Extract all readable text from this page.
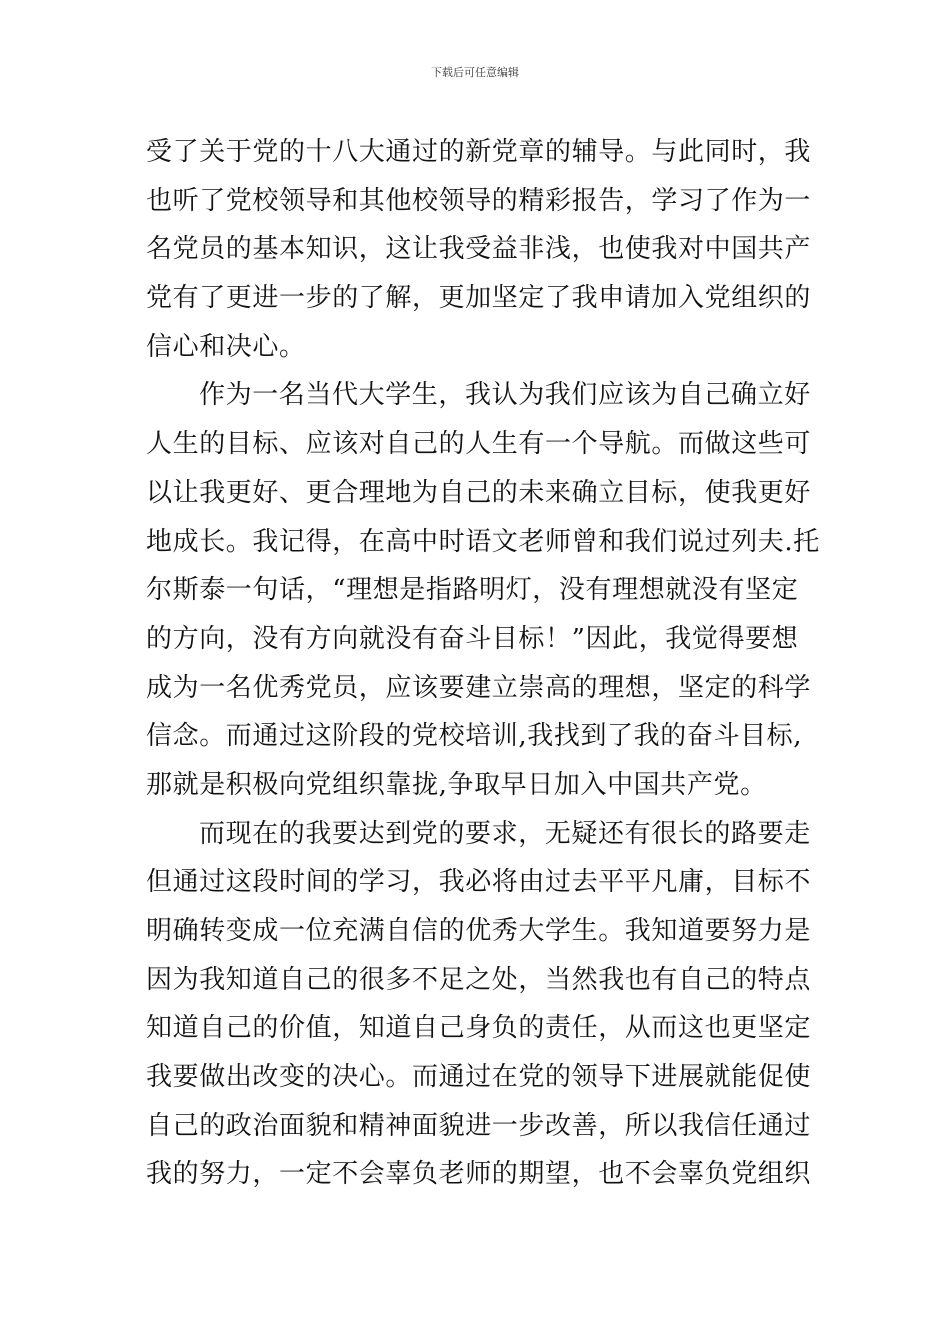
下载后可任意编辑
受了关于党的十八大通过的新党章的辅导。与此同时，我
也听了党校领导和其他校领导的精彩报告，学习了作为一
名党员的基本知识，这让我受益非浅，也使我对中国共产
党有了更进一步的了解，更加坚定了我申请加入党组织的
信心和决心。
作为一名当代大学生，我认为我们应该为自己确立好
人生的目标、应该对自己的人生有一个导航。而做这些可
以让我更好、更合理地为自己的未来确立目标，使我更好
地成长。我记得，在高中时语文老师曾和我们说过列夫.托
尔斯泰一句话，“理想是指路明灯，没有理想就没有坚定
的方向，没有方向就没有奋斗目标！”因此，我觉得要想
成为一名优秀党员，应该要建立崇高的理想，坚定的科学
信念。而通过这阶段的党校培训,我找到了我的奋斗目标,
那就是积极向党组织靠拢,争取早日加入中国共产党。
而现在的我要达到党的要求，无疑还有很长的路要走
但通过这段时间的学习，我必将由过去平平凡庸，目标不
明确转变成一位充满自信的优秀大学生。我知道要努力是
因为我知道自己的很多不足之处，当然我也有自己的特点
知道自己的价值，知道自己身负的责任，从而这也更坚定
我要做出改变的决心。而通过在党的领导下进展就能促使
自己的政治面貌和精神面貌进一步改善，所以我信任通过
我的努力，一定不会辜负老师的期望，也不会辜负党组织
